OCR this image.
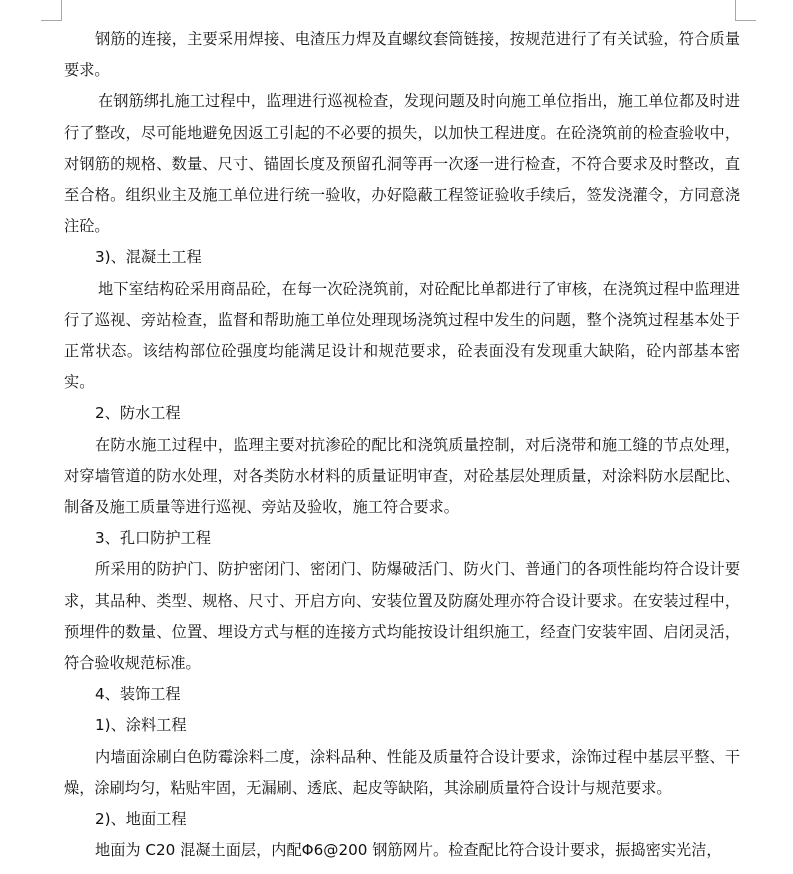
钢筋的连接，主要采用焊接、电渣压力焊及直螺纹套筒链接，按规范进行了有关试验，符合质量要求。

在钢筋绑扎施工过程中，监理进行巡视检查，发现问题及时向施工单位指出，施工单位都及时进行了整改，尽可能地避免因返工引起的不必要的损失，以加快工程进度。在砼浇筑前的检查验收中，对钢筋的规格、数量、尺寸、锚固长度及预留孔洞等再一次逐一进行检查，不符合要求及时整改，直至合格。组织业主及施工单位进行统一验收，办好隐蔽工程签证验收手续后，签发浇灌令，方同意浇注砼。

3)、混凝土工程

地下室结构砼采用商品砼，在每一次砼浇筑前，对砼配比单都进行了审核，在浇筑过程中监理进行了巡视、旁站检查，监督和帮助施工单位处理现场浇筑过程中发生的问题，整个浇筑过程基本处于正常状态。该结构部位砼强度均能满足设计和规范要求，砼表面没有发现重大缺陷，砼内部基本密实。

2、防水工程

在防水施工过程中，监理主要对抗渗砼的配比和浇筑质量控制，对后浇带和施工缝的节点处理，对穿墙管道的防水处理，对各类防水材料的质量证明审查，对砼基层处理质量，对涂料防水层配比、制备及施工质量等进行巡视、旁站及验收，施工符合要求。

3、孔口防护工程

所采用的防护门、防护密闭门、密闭门、防爆破活门、防火门、普通门的各项性能均符合设计要求，其品种、类型、规格、尺寸、开启方向、安装位置及防腐处理亦符合设计要求。在安装过程中，预埋件的数量、位置、埋设方式与框的连接方式均能按设计组织施工，经查门安装牢固、启闭灵活，符合验收规范标准。

4、装饰工程

1)、涂料工程

内墙面涂刷白色防霉涂料二度，涂料品种、性能及质量符合设计要求，涂饰过程中基层平整、干燥，涂刷均匀，粘贴牢固，无漏刷、透底、起皮等缺陷，其涂刷质量符合设计与规范要求。

2)、地面工程

地面为 C20 混凝土面层，内配Φ6@200 钢筋网片。检查配比符合设计要求，振捣密实光洁，
